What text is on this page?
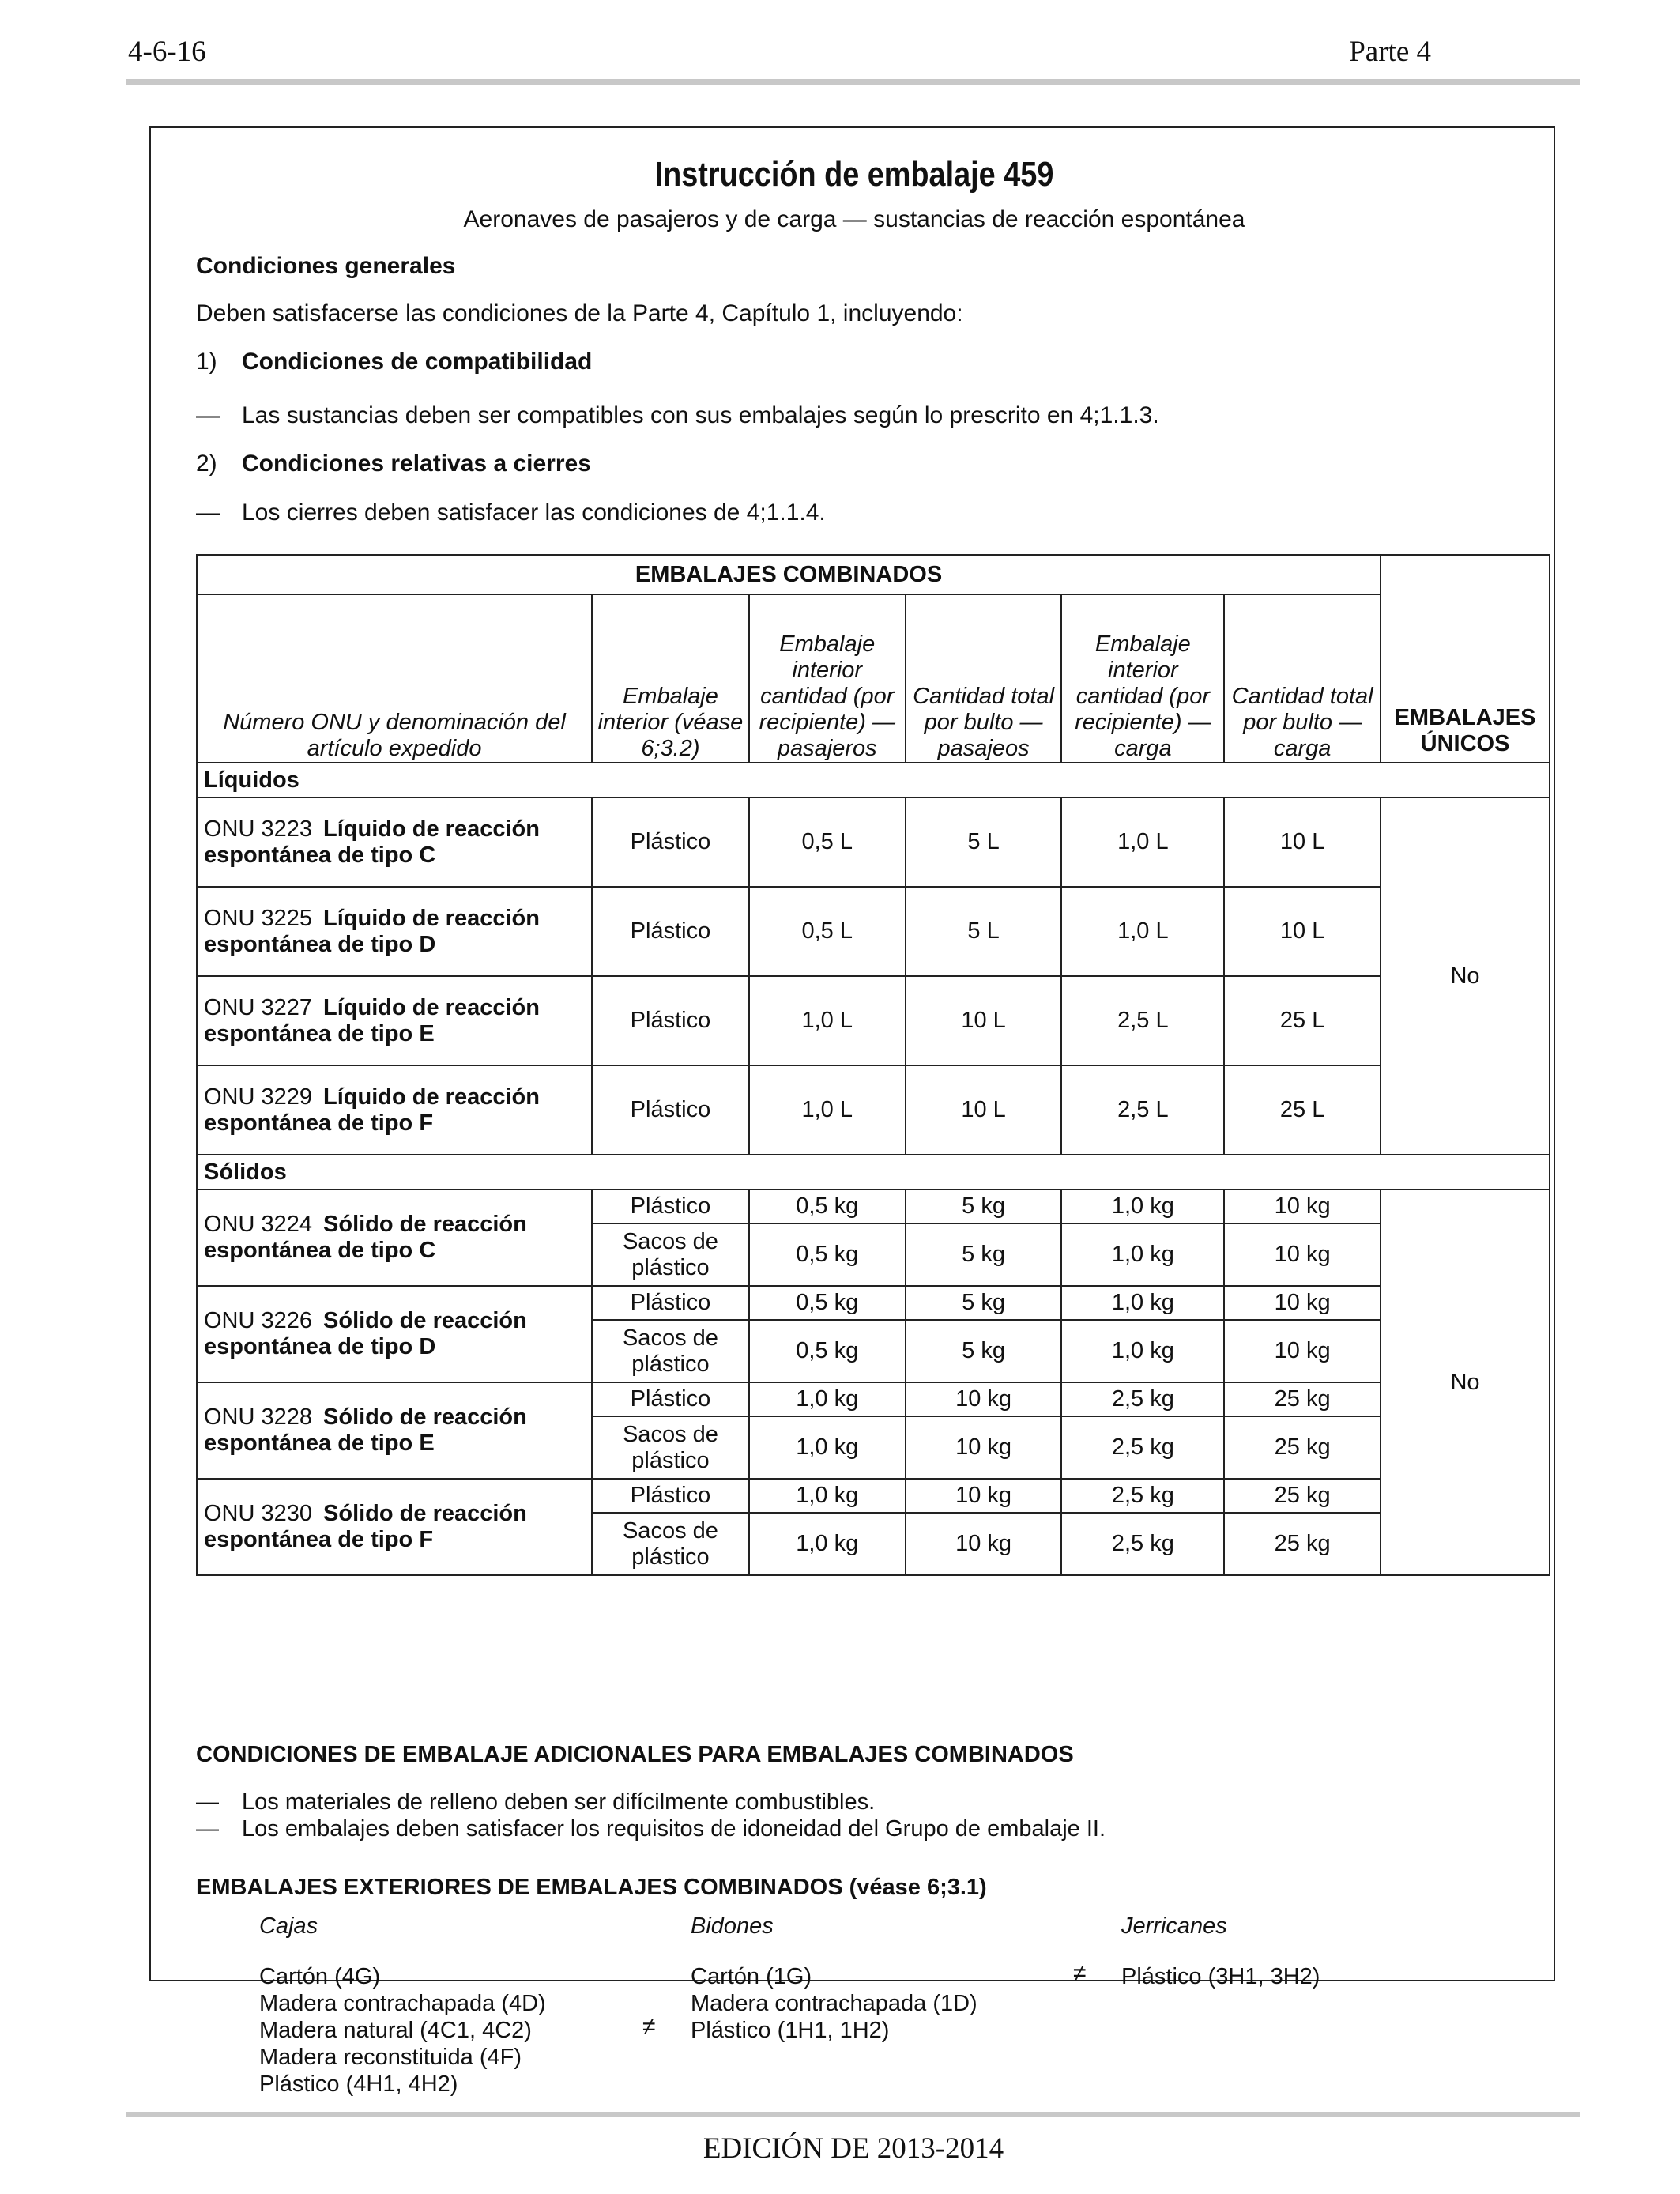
4-6-16	Parte 4
Instrucción de embalaje 459
Aeronaves de pasajeros y de carga — sustancias de reacción espontánea
Condiciones generales
Deben satisfacerse las condiciones de la Parte 4, Capítulo 1, incluyendo:
1) Condiciones de compatibilidad
— Las sustancias deben ser compatibles con sus embalajes según lo prescrito en 4;1.1.3.
2) Condiciones relativas a cierres
— Los cierres deben satisfacer las condiciones de 4;1.1.4.
EMBALAJES COMBINADOS						EMBALAJES ÚNICOS
Número ONU y denominación del artículo expedido	Embalaje interior (véase 6;3.2)	Embalaje interior cantidad (por recipiente) — pasajeros	Cantidad total por bulto — pasajeos	Embalaje interior cantidad (por recipiente) — carga	Cantidad total por bulto — carga	
Líquidos						
ONU 3223 Líquido de reacción espontánea de tipo C	Plástico	0,5 L	5 L	1,0 L	10 L	No
ONU 3225 Líquido de reacción espontánea de tipo D	Plástico	0,5 L	5 L	1,0 L	10 L	
ONU 3227 Líquido de reacción espontánea de tipo E	Plástico	1,0 L	10 L	2,5 L	25 L	
ONU 3229 Líquido de reacción espontánea de tipo F	Plástico	1,0 L	10 L	2,5 L	25 L	
Sólidos						
ONU 3224 Sólido de reacción espontánea de tipo C	Plástico	0,5 kg	5 kg	1,0 kg	10 kg	No
	Sacos de plástico	0,5 kg	5 kg	1,0 kg	10 kg	
ONU 3226 Sólido de reacción espontánea de tipo D	Plástico	0,5 kg	5 kg	1,0 kg	10 kg	
	Sacos de plástico	0,5 kg	5 kg	1,0 kg	10 kg	
ONU 3228 Sólido de reacción espontánea de tipo E	Plástico	1,0 kg	10 kg	2,5 kg	25 kg	
	Sacos de plástico	1,0 kg	10 kg	2,5 kg	25 kg	
ONU 3230 Sólido de reacción espontánea de tipo F	Plástico	1,0 kg	10 kg	2,5 kg	25 kg	
	Sacos de plástico	1,0 kg	10 kg	2,5 kg	25 kg	
CONDICIONES DE EMBALAJE ADICIONALES PARA EMBALAJES COMBINADOS
— Los materiales de relleno deben ser difícilmente combustibles.
— Los embalajes deben satisfacer los requisitos de idoneidad del Grupo de embalaje II.
EMBALAJES EXTERIORES DE EMBALAJES COMBINADOS (véase 6;3.1)
Cajas
Cartón (4G)
Madera contrachapada (4D)
Madera natural (4C1, 4C2)
Madera reconstituida (4F)
Plástico (4H1, 4H2)
≠
Bidones
Cartón (1G)
Madera contrachapada (1D)
Plástico (1H1, 1H2)
≠
Jerricanes
Plástico (3H1, 3H2)
EDICIÓN DE 2013-2014
